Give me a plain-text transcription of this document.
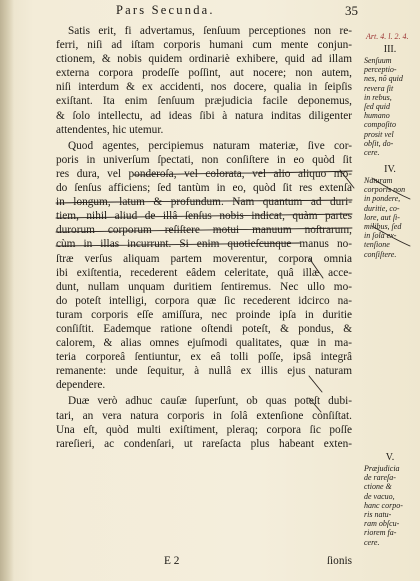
Pars Secunda.	35
Art. 4. l. 2. 4.
Satis erit, fi advertamus, ſenſuum perceptiones non re-
ferri, niſi ad iſtam corporis humani cum mente conjun-
ctionem, & nobis quidem ordinariè exhibere, quid ad illam
externa corpora prodeſſe poſſint, aut nocere; non autem,
niſi interdum & ex accidenti, nos docere, qualia in ſeipſis
exiſtant. Ita enim ſenſuum præjudicia facile deponemus,
& ſolo intellectu, ad ideas ſibi à natura inditas diligenter
attendentes, hic utemur.
Quod agentes, percipiemus naturam materiæ, ſive cor-
poris in univerſum ſpectati, non conſiſtere in eo quòd ſit
res dura, vel ponderoſa, vel colorata, vel alio aliquo mo-
do ſenſus afficiens; ſed tantùm in eo, quòd ſit res extenſa
in longum, latum & profundum. Nam quantum ad duri-
tiem, nihil aliud de illâ ſenſus nobis indicat, quàm partes
durorum corporum reſiſtere motui manuum noſtrarum,
cùm in illas incurrunt. Si enim quotieſcunque manus no-
ſtræ verſus aliquam partem moverentur, corpora omnia
ibi exiſtentia, recederent eâdem celeritate, quâ illæ acce-
dunt, nullam unquam duritiem ſentiremus. Nec ullo mo-
do poteſt intelligi, corpora quæ ſic recederent idcirco na-
turam corporis eſſe amiſſura, nec proinde ipſa in duritie
conſiſtit. Eademque ratione oſtendi poteſt, & pondus, &
calorem, & alias omnes ejuſmodi qualitates, quæ in ma-
teria corporeâ ſentiuntur, ex eâ tolli poſſe, ipsâ integrâ
remanente: unde ſequitur, à nullâ ex illis ejus naturam
dependere.
Duæ verò adhuc cauſæ ſuperſunt, ob quas poteſt dubi-
tari, an vera natura corporis in ſolâ extenſione conſiſtat.
Una eſt, quòd multi exiſtiment, pleraq; corpora ſic poſſe
rareſieri, ac condenſari, ut rareſacta plus habeant exten-
III.
Senſuum
perceptio-
nes, nõ quid
revera ſit
in rebus,
ſed quid
humano
compoſito
prosit vel
obſit, do-
cere.
IV.
Naturam
corporis non
in pondere,
duritie, co-
lore, aut ſi-
milibus, ſed
in ſolâ ex-
tenſione
conſiſtere.
V.
Præjudicia
de rareſa-
ctione &
de vacuo,
hanc corpo-
ris natu-
ram obſcu-
riorem fa-
cere.
E 2	ſionis
